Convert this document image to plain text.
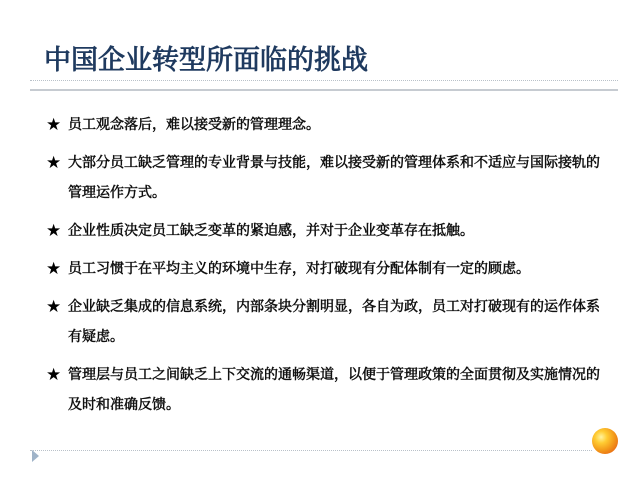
中国企业转型所面临的挑战
★ 员工观念落后，难以接受新的管理理念。
★ 大部分员工缺乏管理的专业背景与技能，难以接受新的管理体系和不适应与国际接轨的管理运作方式。
★ 企业性质决定员工缺乏变革的紧迫感，并对于企业变革存在抵触。
★ 员工习惯于在平均主义的环境中生存，对打破现有分配体制有一定的顾虑。
★ 企业缺乏集成的信息系统，内部条块分割明显，各自为政，员工对打破现有的运作体系有疑虑。
★ 管理层与员工之间缺乏上下交流的通畅渠道，以便于管理政策的全面贯彻及实施情况的及时和准确反馈。
